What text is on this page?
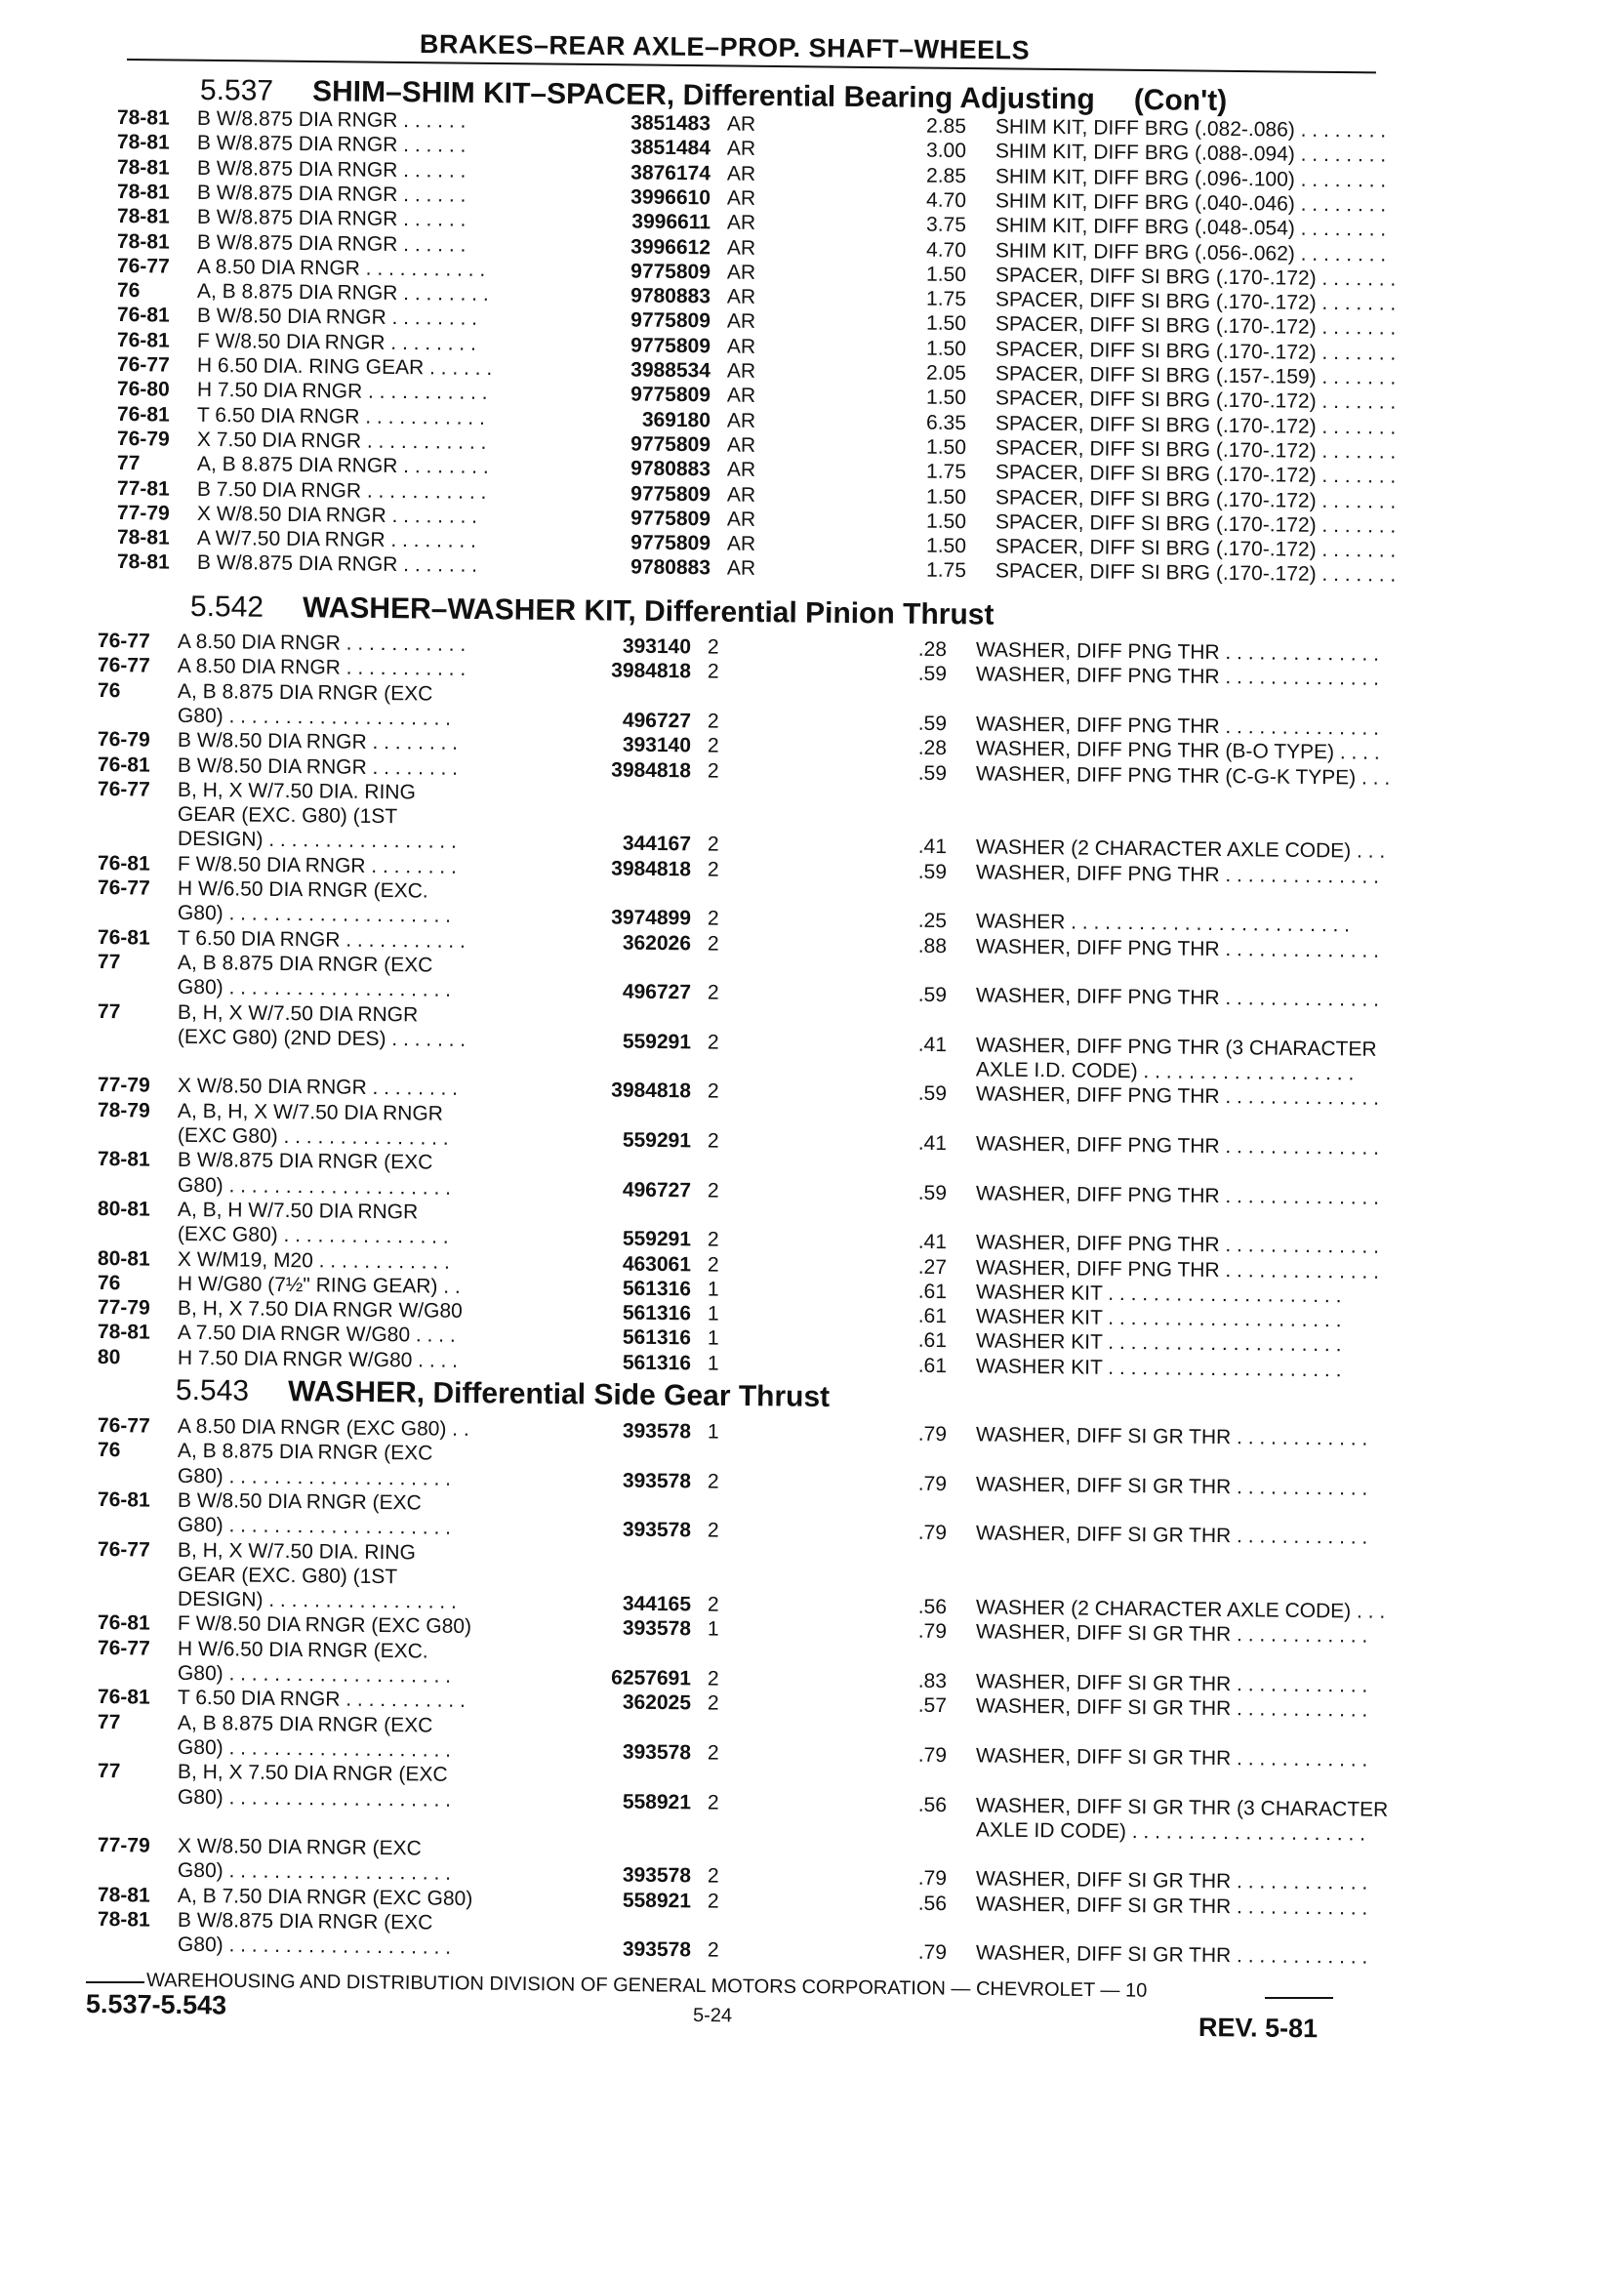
BRAKES–REAR AXLE–PROP. SHAFT–WHEELS
5.537 SHIM–SHIM KIT–SPACER, Differential Bearing Adjusting (Con't)
78-81	B W/8.875 DIA RNGR . . . . . .	3851483 AR	2.85 SHIM KIT, DIFF BRG (.082-.086) . . . . . . . .
78-81	B W/8.875 DIA RNGR . . . . . .	3851484 AR	3.00 SHIM KIT, DIFF BRG (.088-.094) . . . . . . . .
78-81	B W/8.875 DIA RNGR . . . . . .	3876174 AR	2.85 SHIM KIT, DIFF BRG (.096-.100) . . . . . . . .
78-81	B W/8.875 DIA RNGR . . . . . .	3996610 AR	4.70 SHIM KIT, DIFF BRG (.040-.046) . . . . . . . .
78-81	B W/8.875 DIA RNGR . . . . . .	3996611 AR	3.75 SHIM KIT, DIFF BRG (.048-.054) . . . . . . . .
78-81	B W/8.875 DIA RNGR . . . . . .	3996612 AR	4.70 SHIM KIT, DIFF BRG (.056-.062) . . . . . . . .
76-77	A 8.50 DIA RNGR . . . . . . . . . . .	9775809 AR	1.50 SPACER, DIFF SI BRG (.170-.172) . . . . . . .
76	A, B 8.875 DIA RNGR . . . . . . . .	9780883 AR	1.75 SPACER, DIFF SI BRG (.170-.172) . . . . . . .
76-81	B W/8.50 DIA RNGR . . . . . . . .	9775809 AR	1.50 SPACER, DIFF SI BRG (.170-.172) . . . . . . .
76-81	F W/8.50 DIA RNGR . . . . . . . .	9775809 AR	1.50 SPACER, DIFF SI BRG (.170-.172) . . . . . . .
76-77	H 6.50 DIA. RING GEAR . . . . . .	3988534 AR	2.05 SPACER, DIFF SI BRG (.157-.159) . . . . . . .
76-80	H 7.50 DIA RNGR . . . . . . . . . . .	9775809 AR	1.50 SPACER, DIFF SI BRG (.170-.172) . . . . . . .
76-81	T 6.50 DIA RNGR . . . . . . . . . . .	369180 AR	6.35 SPACER, DIFF SI BRG (.170-.172) . . . . . . .
76-79	X 7.50 DIA RNGR . . . . . . . . . . .	9775809 AR	1.50 SPACER, DIFF SI BRG (.170-.172) . . . . . . .
77	A, B 8.875 DIA RNGR . . . . . . . .	9780883 AR	1.75 SPACER, DIFF SI BRG (.170-.172) . . . . . . .
77-81	B 7.50 DIA RNGR . . . . . . . . . . .	9775809 AR	1.50 SPACER, DIFF SI BRG (.170-.172) . . . . . . .
77-79	X W/8.50 DIA RNGR . . . . . . . .	9775809 AR	1.50 SPACER, DIFF SI BRG (.170-.172) . . . . . . .
78-81	A W/7.50 DIA RNGR . . . . . . . .	9775809 AR	1.50 SPACER, DIFF SI BRG (.170-.172) . . . . . . .
78-81	B W/8.875 DIA RNGR . . . . . . .	9780883 AR	1.75 SPACER, DIFF SI BRG (.170-.172) . . . . . . .
5.542 WASHER–WASHER KIT, Differential Pinion Thrust
76-77	A 8.50 DIA RNGR . . . . . . . . . . .	393140 2	.28 WASHER, DIFF PNG THR . . . . . . . . . . . . . .
76-77	A 8.50 DIA RNGR . . . . . . . . . . .	3984818 2	.59 WASHER, DIFF PNG THR . . . . . . . . . . . . . .
76	A, B 8.875 DIA RNGR (EXC
G80) . . . . . . . . . . . . . . . . . . . .	496727 2	.59 WASHER, DIFF PNG THR . . . . . . . . . . . . . .
76-79	B W/8.50 DIA RNGR . . . . . . . .	393140 2	.28 WASHER, DIFF PNG THR (B-O TYPE) . . . .
76-81	B W/8.50 DIA RNGR . . . . . . . .	3984818 2	.59 WASHER, DIFF PNG THR (C-G-K TYPE) . . .
76-77	B, H, X W/7.50 DIA. RING
GEAR (EXC. G80) (1ST
DESIGN) . . . . . . . . . . . . . . . . .	344167 2	.41 WASHER (2 CHARACTER AXLE CODE) . . .
76-81	F W/8.50 DIA RNGR . . . . . . . .	3984818 2	.59 WASHER, DIFF PNG THR . . . . . . . . . . . . . .
76-77	H W/6.50 DIA RNGR (EXC.
G80) . . . . . . . . . . . . . . . . . . . .	3974899 2	.25 WASHER . . . . . . . . . . . . . . . . . . . . . . . . .
76-81	T 6.50 DIA RNGR . . . . . . . . . . .	362026 2	.88 WASHER, DIFF PNG THR . . . . . . . . . . . . . .
77	A, B 8.875 DIA RNGR (EXC
G80) . . . . . . . . . . . . . . . . . . . .	496727 2	.59 WASHER, DIFF PNG THR . . . . . . . . . . . . . .
77	B, H, X W/7.50 DIA RNGR
(EXC G80) (2ND DES) . . . . . . .	559291 2	.41 WASHER, DIFF PNG THR (3 CHARACTER
AXLE I.D. CODE) . . . . . . . . . . . . . . . . . . .
77-79	X W/8.50 DIA RNGR . . . . . . . .	3984818 2	.59 WASHER, DIFF PNG THR . . . . . . . . . . . . . .
78-79	A, B, H, X W/7.50 DIA RNGR
(EXC G80) . . . . . . . . . . . . . . .	559291 2	.41 WASHER, DIFF PNG THR . . . . . . . . . . . . . .
78-81	B W/8.875 DIA RNGR (EXC
G80) . . . . . . . . . . . . . . . . . . . .	496727 2	.59 WASHER, DIFF PNG THR . . . . . . . . . . . . . .
80-81	A, B, H W/7.50 DIA RNGR
(EXC G80) . . . . . . . . . . . . . . .	559291 2	.41 WASHER, DIFF PNG THR . . . . . . . . . . . . . .
80-81	X W/M19, M20 . . . . . . . . . . . .	463061 2	.27 WASHER, DIFF PNG THR . . . . . . . . . . . . . .
76	H W/G80 (7½" RING GEAR) . .	561316 1	.61 WASHER KIT . . . . . . . . . . . . . . . . . . . . .
77-79	B, H, X 7.50 DIA RNGR W/G80	561316 1	.61 WASHER KIT . . . . . . . . . . . . . . . . . . . . .
78-81	A 7.50 DIA RNGR W/G80 . . . .	561316 1	.61 WASHER KIT . . . . . . . . . . . . . . . . . . . . .
80	H 7.50 DIA RNGR W/G80 . . . .	561316 1	.61 WASHER KIT . . . . . . . . . . . . . . . . . . . . .
5.543 WASHER, Differential Side Gear Thrust
76-77	A 8.50 DIA RNGR (EXC G80) . .	393578 1	.79 WASHER, DIFF SI GR THR . . . . . . . . . . . .
76	A, B 8.875 DIA RNGR (EXC
G80) . . . . . . . . . . . . . . . . . . . .	393578 2	.79 WASHER, DIFF SI GR THR . . . . . . . . . . . .
76-81	B W/8.50 DIA RNGR (EXC
G80) . . . . . . . . . . . . . . . . . . . .	393578 2	.79 WASHER, DIFF SI GR THR . . . . . . . . . . . .
76-77	B, H, X W/7.50 DIA. RING
GEAR (EXC. G80) (1ST
DESIGN) . . . . . . . . . . . . . . . . .	344165 2	.56 WASHER (2 CHARACTER AXLE CODE) . . .
76-81	F W/8.50 DIA RNGR (EXC G80)	393578 1	.79 WASHER, DIFF SI GR THR . . . . . . . . . . . .
76-77	H W/6.50 DIA RNGR (EXC.
G80) . . . . . . . . . . . . . . . . . . . .	6257691 2	.83 WASHER, DIFF SI GR THR . . . . . . . . . . . .
76-81	T 6.50 DIA RNGR . . . . . . . . . . .	362025 2	.57 WASHER, DIFF SI GR THR . . . . . . . . . . . .
77	A, B 8.875 DIA RNGR (EXC
G80) . . . . . . . . . . . . . . . . . . . .	393578 2	.79 WASHER, DIFF SI GR THR . . . . . . . . . . . .
77	B, H, X 7.50 DIA RNGR (EXC
G80) . . . . . . . . . . . . . . . . . . . .	558921 2	.56 WASHER, DIFF SI GR THR (3 CHARACTER
AXLE ID CODE) . . . . . . . . . . . . . . . . . . . . .
77-79	X W/8.50 DIA RNGR (EXC
G80) . . . . . . . . . . . . . . . . . . . .	393578 2	.79 WASHER, DIFF SI GR THR . . . . . . . . . . . .
78-81	A, B 7.50 DIA RNGR (EXC G80)	558921 2	.56 WASHER, DIFF SI GR THR . . . . . . . . . . . .
78-81	B W/8.875 DIA RNGR (EXC
G80) . . . . . . . . . . . . . . . . . . . .	393578 2	.79 WASHER, DIFF SI GR THR . . . . . . . . . . . .
WAREHOUSING AND DISTRIBUTION DIVISION OF GENERAL MOTORS CORPORATION — CHEVROLET — 10
5.537-5.543	5-24	REV. 5-81
